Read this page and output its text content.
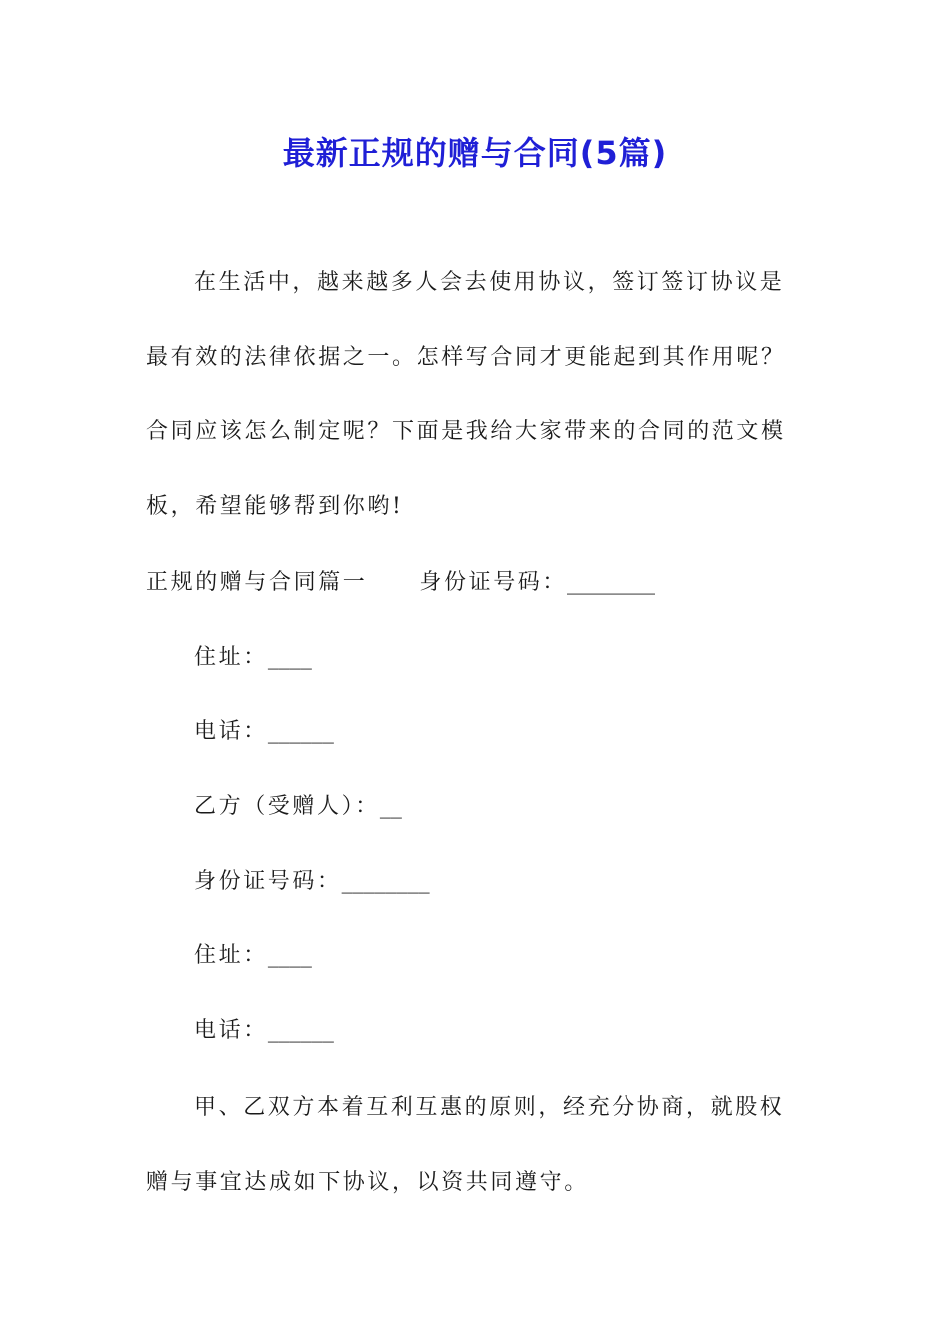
最新正规的赠与合同(5篇)

在生活中，越来越多人会去使用协议，签订签订协议是最有效的法律依据之一。怎样写合同才更能起到其作用呢？合同应该怎么制定呢？下面是我给大家带来的合同的范文模板，希望能够帮到你哟!

正规的赠与合同篇一 身份证号码：________
住址：____
电话：______
乙方（受赠人）：__
身份证号码：________
住址：____
电话：______

甲、乙双方本着互利互惠的原则，经充分协商，就股权赠与事宜达成如下协议，以资共同遵守。
